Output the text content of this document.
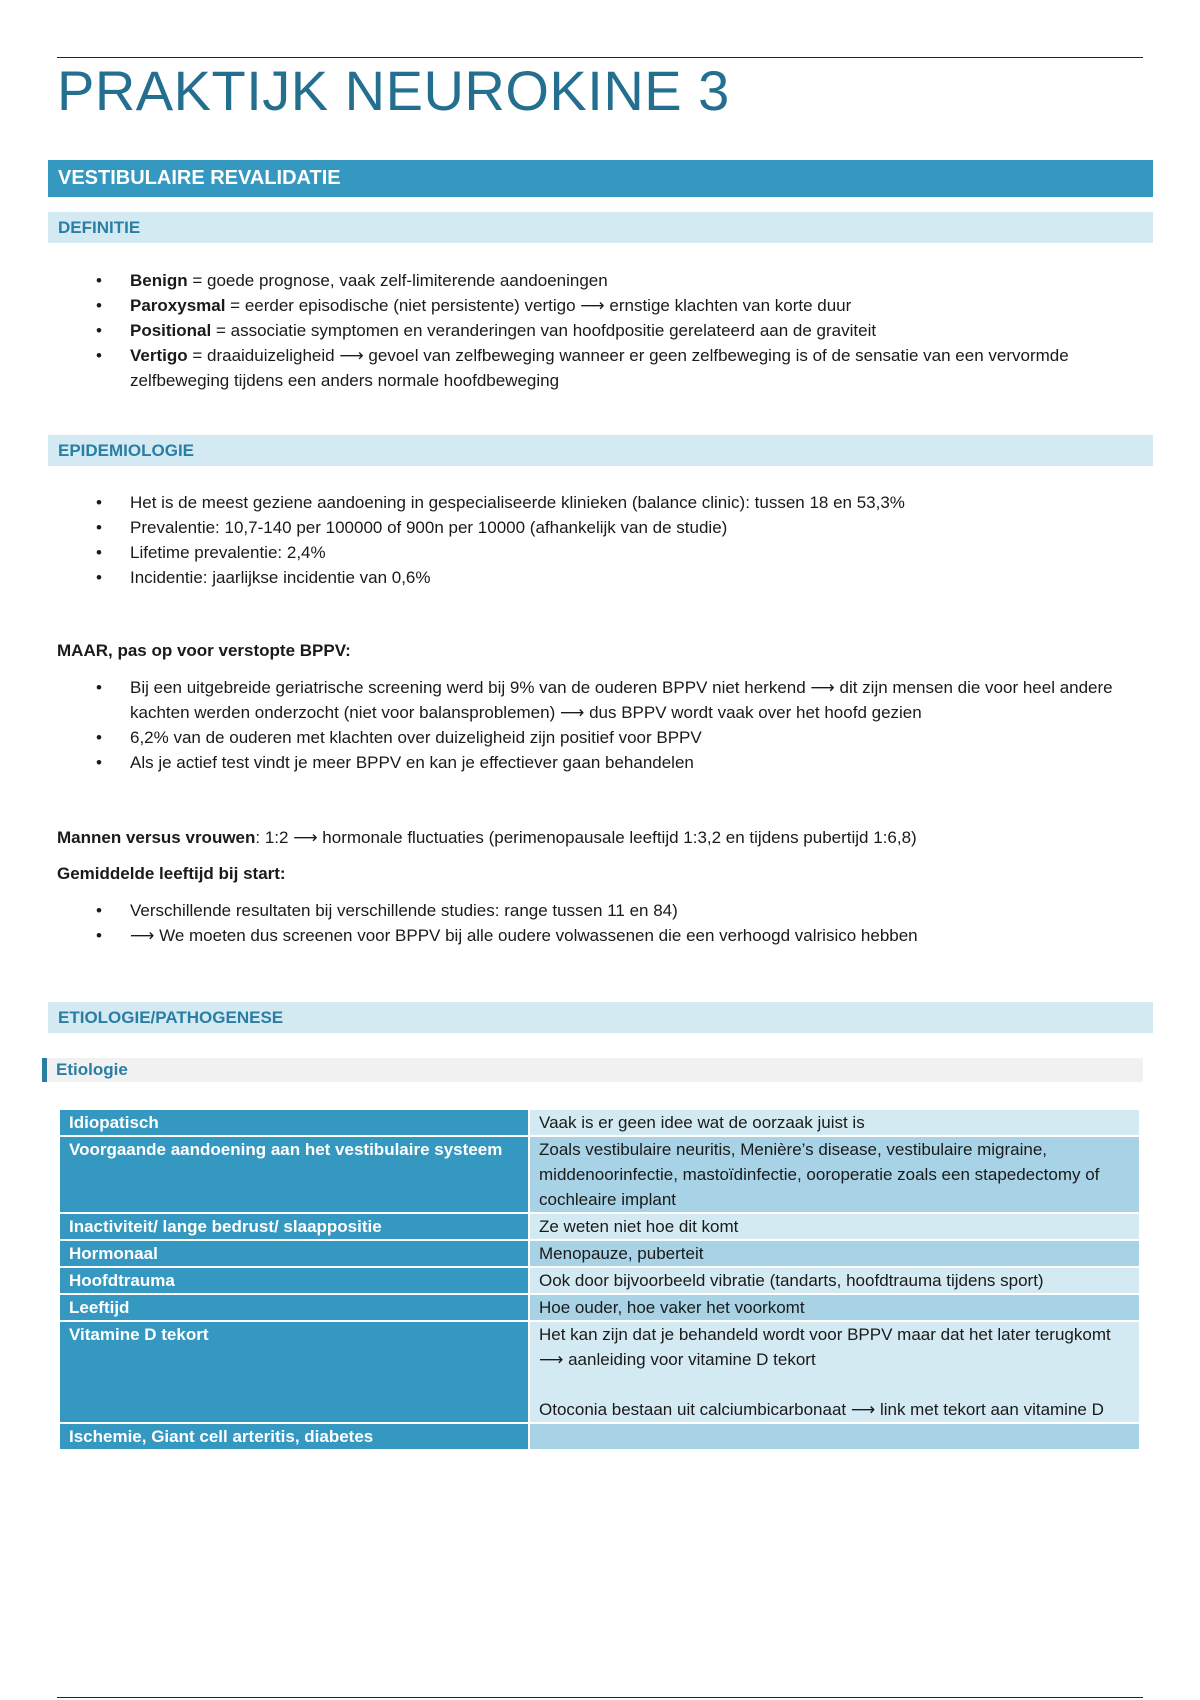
PRAKTIJK NEUROKINE 3
VESTIBULAIRE REVALIDATIE
DEFINITIE
• Benign = goede prognose, vaak zelf-limiterende aandoeningen
• Paroxysmal = eerder episodische (niet persistente) vertigo ⟶ ernstige klachten van korte duur
• Positional = associatie symptomen en veranderingen van hoofdpositie gerelateerd aan de graviteit
• Vertigo = draaiduizeligheid ⟶ gevoel van zelfbeweging wanneer er geen zelfbeweging is of de sensatie van een vervormde zelfbeweging tijdens een anders normale hoofdbeweging
EPIDEMIOLOGIE
• Het is de meest geziene aandoening in gespecialiseerde klinieken (balance clinic): tussen 18 en 53,3%
• Prevalentie: 10,7-140 per 100000 of 900n per 10000 (afhankelijk van de studie)
• Lifetime prevalentie: 2,4%
• Incidentie: jaarlijkse incidentie van 0,6%

MAAR, pas op voor verstopte BPPV:

• Bij een uitgebreide geriatrische screening werd bij 9% van de ouderen BPPV niet herkend ⟶ dit zijn mensen die voor heel andere kachten werden onderzocht (niet voor balansproblemen) ⟶ dus BPPV wordt vaak over het hoofd gezien
• 6,2% van de ouderen met klachten over duizeligheid zijn positief voor BPPV
• Als je actief test vindt je meer BPPV en kan je effectiever gaan behandelen

Mannen versus vrouwen: 1:2 ⟶ hormonale fluctuaties (perimenopausale leeftijd 1:3,2 en tijdens pubertijd 1:6,8)

Gemiddelde leeftijd bij start:

• Verschillende resultaten bij verschillende studies: range tussen 11 en 84)
• ⟶ We moeten dus screenen voor BPPV bij alle oudere volwassenen die een verhoogd valrisico hebben
ETIOLOGIE/PATHOGENESE
Etiologie
Idiopatisch	Vaak is er geen idee wat de oorzaak juist is
Voorgaande aandoening aan het vestibulaire systeem	Zoals vestibulaire neuritis, Menière’s disease, vestibulaire migraine, middenoorinfectie, mastoïdinfectie, ooroperatie zoals een stapedectomy of cochleaire implant
Inactiviteit/ lange bedrust/ slaappositie	Ze weten niet hoe dit komt
Hormonaal	Menopauze, puberteit
Hoofdtrauma	Ook door bijvoorbeeld vibratie (tandarts, hoofdtrauma tijdens sport)
Leeftijd	Hoe ouder, hoe vaker het voorkomt
Vitamine D tekort	Het kan zijn dat je behandeld wordt voor BPPV maar dat het later terugkomt ⟶ aanleiding voor vitamine D tekort
Otoconia bestaan uit calciumbicarbonaat ⟶ link met tekort aan vitamine D

Ischemie, Giant cell arteritis, diabetes	
